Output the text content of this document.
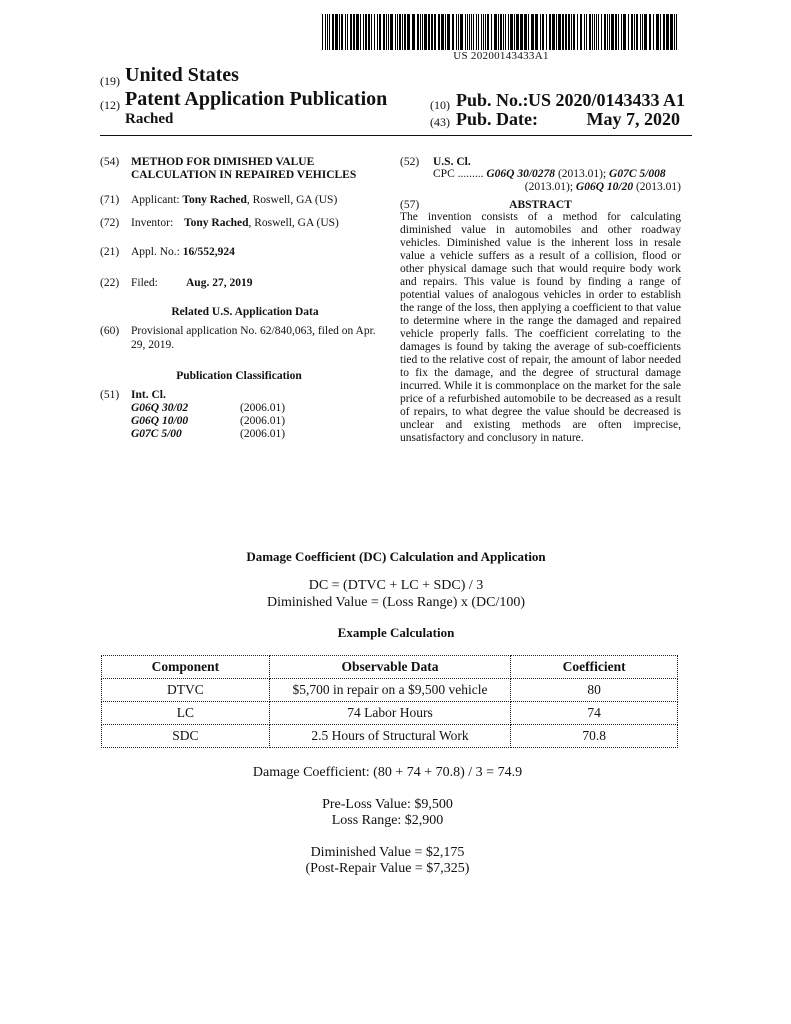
US 20200143433A1
(19) United States
(12) Patent Application Publication
Rached
(10) Pub. No.: US 2020/0143433 A1
(43) Pub. Date:	May 7, 2020
(54) METHOD FOR DIMISHED VALUE
CALCULATION IN REPAIRED VEHICLES
(71) Applicant: Tony Rached, Roswell, GA (US)
(72) Inventor: Tony Rached, Roswell, GA (US)
(21) Appl. No.: 16/552,924
(22) Filed: Aug. 27, 2019
Related U.S. Application Data
(60) Provisional application No. 62/840,063, filed on Apr.
29, 2019.
Publication Classification
(51) Int. Cl.
G06Q 30/02	(2006.01)
G06Q 10/00	(2006.01)
G07C 5/00	(2006.01)
(52) U.S. Cl.
CPC ......... G06Q 30/0278 (2013.01); G07C 5/008
(2013.01); G06Q 10/20 (2013.01)
(57)	ABSTRACT
The invention consists of a method for calculating diminished value in automobiles and other roadway vehicles. Diminished value is the inherent loss in resale value a vehicle suffers as a result of a collision, flood or other physical damage such that would require body work and repairs. This value is found by finding a range of potential values of analogous vehicles in order to establish the range of the loss, then applying a coefficient to that value to determine where in the range the damaged and repaired vehicle properly falls. The coefficient correlating to the damages is found by taking the average of sub-coefficients tied to the relative cost of repair, the amount of labor needed to fix the damage, and the degree of structural damage incurred. While it is commonplace on the market for the sale price of a refurbished automobile to be decreased as a result of repairs, to what degree the value should be decreased is unclear and existing methods are often imprecise, unsatisfactory and conclusory in nature.
Damage Coefficient (DC) Calculation and Application
DC = (DTVC + LC + SDC) / 3
Diminished Value = (Loss Range) x (DC/100)
Example Calculation
Component	Observable Data	Coefficient
DTVC	$5,700 in repair on a $9,500 vehicle	80
LC	74 Labor Hours	74
SDC	2.5 Hours of Structural Work	70.8
Damage Coefficient: (80 + 74 + 70.8) / 3 = 74.9
Pre-Loss Value: $9,500
Loss Range: $2,900
Diminished Value = $2,175
(Post-Repair Value = $7,325)
